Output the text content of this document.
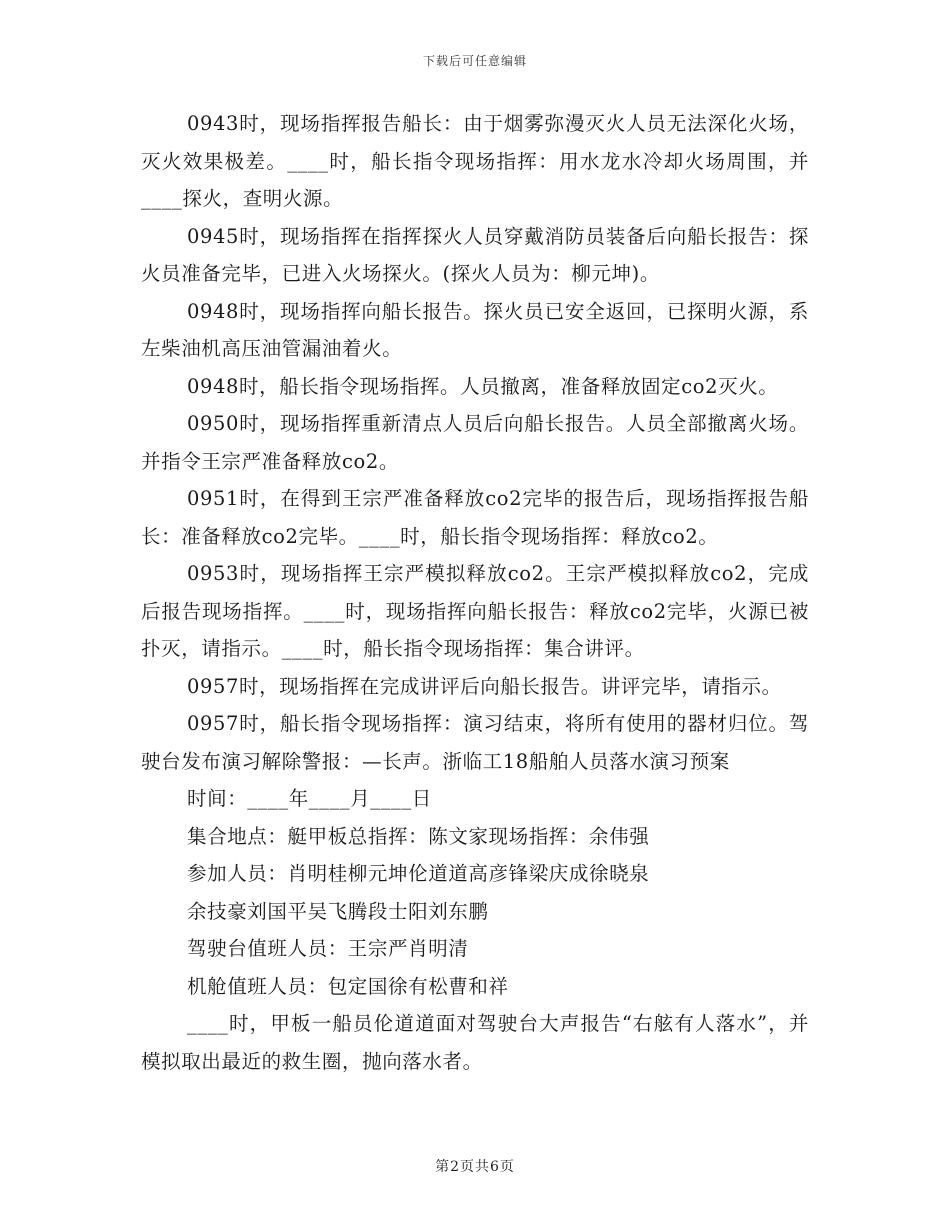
下载后可任意编辑

0943时，现场指挥报告船长：由于烟雾弥漫灭火人员无法深化火场，灭火效果极差。____时，船长指令现场指挥：用水龙水冷却火场周围，并____探火，查明火源。

0945时，现场指挥在指挥探火人员穿戴消防员装备后向船长报告：探火员准备完毕，已进入火场探火。(探火人员为：柳元坤)。

0948时，现场指挥向船长报告。探火员已安全返回，已探明火源，系左柴油机高压油管漏油着火。

0948时，船长指令现场指挥。人员撤离，准备释放固定co2灭火。

0950时，现场指挥重新清点人员后向船长报告。人员全部撤离火场。并指令王宗严准备释放co2。

0951时，在得到王宗严准备释放co2完毕的报告后，现场指挥报告船长：准备释放co2完毕。____时，船长指令现场指挥：释放co2。

0953时，现场指挥王宗严模拟释放co2。王宗严模拟释放co2，完成后报告现场指挥。____时，现场指挥向船长报告：释放co2完毕，火源已被扑灭，请指示。____时，船长指令现场指挥：集合讲评。

0957时，现场指挥在完成讲评后向船长报告。讲评完毕，请指示。

0957时，船长指令现场指挥：演习结束，将所有使用的器材归位。驾驶台发布演习解除警报：—长声。浙临工18船舶人员落水演习预案

时间：____年____月____日

集合地点：艇甲板总指挥：陈文家现场指挥：余伟强

参加人员：肖明桂柳元坤伦道道高彦锋梁庆成徐晓泉

余技豪刘国平吴飞腾段士阳刘东鹏

驾驶台值班人员：王宗严肖明清

机舱值班人员：包定国徐有松曹和祥

____时，甲板一船员伦道道面对驾驶台大声报告“右舷有人落水”，并模拟取出最近的救生圈，抛向落水者。

第2页共6页
